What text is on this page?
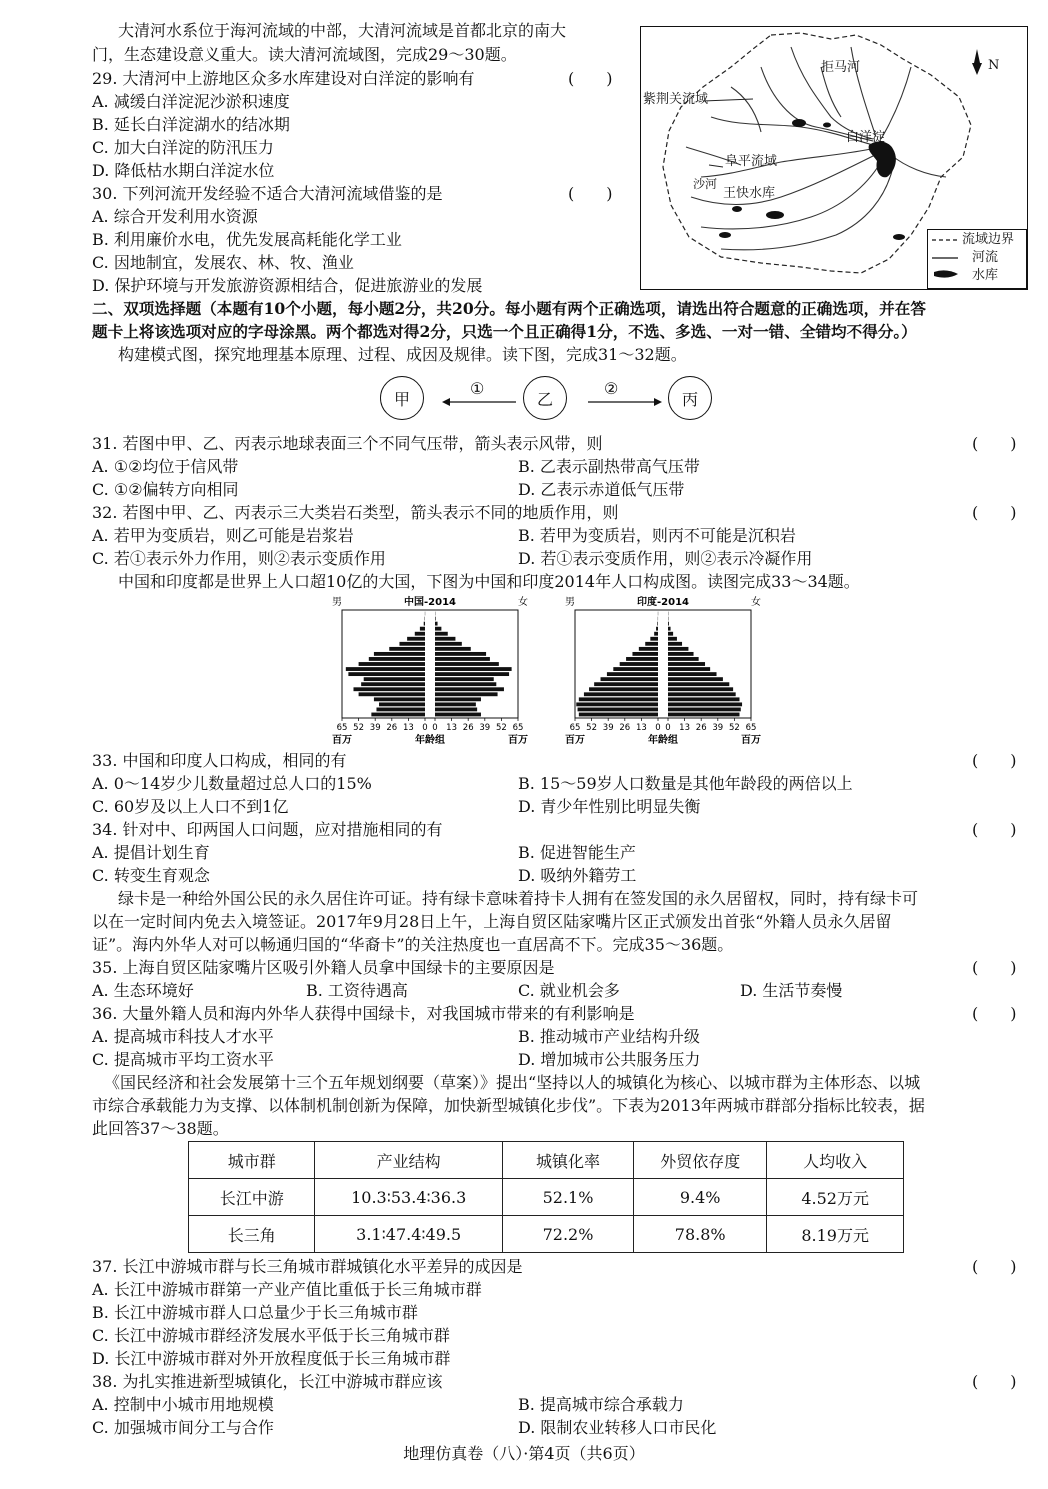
大清河水系位于海河流域的中部，大清河流域是首都北京的南大
门，生态建设意义重大。读大清河流域图，完成29～30题。
29. 大清河中上游地区众多水库建设对白洋淀的影响有	(　　)
A. 减缓白洋淀泥沙淤积速度
B. 延长白洋淀湖水的结冰期
C. 加大白洋淀的防汛压力
D. 降低枯水期白洋淀水位
30. 下列河流开发经验不适合大清河流域借鉴的是	(　　)
A. 综合开发利用水资源
B. 利用廉价水电，优先发展高耗能化学工业
C. 因地制宜，发展农、林、牧、渔业
D. 保护环境与开发旅游资源相结合，促进旅游业的发展
N
拒马河
紫荆关流域
白洋淀
阜平流域
沙河
王快水库
流域边界
河流
水库
二、双项选择题（本题有10个小题，每小题2分，共20分。每小题有两个正确选项，请选出符合题意的正确选项，并在答
题卡上将该选项对应的字母涂黑。两个都选对得2分，只选一个且正确得1分，不选、多选、一对一错、全错均不得分。）
构建模式图，探究地理基本原理、过程、成因及规律。读下图，完成31～32题。
甲	乙	丙
①	②
31. 若图中甲、乙、丙表示地球表面三个不同气压带，箭头表示风带，则	(　　)
A. ①②均位于信风带	B. 乙表示副热带高气压带
C. ①②偏转方向相同	D. 乙表示赤道低气压带
32. 若图中甲、乙、丙表示三大类岩石类型，箭头表示不同的地质作用，则	(　　)
A. 若甲为变质岩，则乙可能是岩浆岩	B. 若甲为变质岩，则丙不可能是沉积岩
C. 若①表示外力作用，则②表示变质作用	D. 若①表示变质作用，则②表示冷凝作用
中国和印度都是世界上人口超10亿的大国，下图为中国和印度2014年人口构成图。读图完成33～34题。
中国-2014
男	女
65 52 39 26 13 0 0 13 26 39 52 65
百万	年龄组	百万
印度-2014
男	女
65 52 39 26 13 0 0 13 26 39 52 65
百万	年龄组	百万
33. 中国和印度人口构成，相同的有	(　　)
A. 0～14岁少儿数量超过总人口的15%	B. 15～59岁人口数量是其他年龄段的两倍以上
C. 60岁及以上人口不到1亿	D. 青少年性别比明显失衡
34. 针对中、印两国人口问题，应对措施相同的有	(　　)
A. 提倡计划生育	B. 促进智能生产
C. 转变生育观念	D. 吸纳外籍劳工
绿卡是一种给外国公民的永久居住许可证。持有绿卡意味着持卡人拥有在签发国的永久居留权，同时，持有绿卡可
以在一定时间内免去入境签证。2017年9月28日上午，上海自贸区陆家嘴片区正式颁发出首张“外籍人员永久居留
证”。海内外华人对可以畅通归国的“华裔卡”的关注热度也一直居高不下。完成35～36题。
35. 上海自贸区陆家嘴片区吸引外籍人员拿中国绿卡的主要原因是	(　　)
A. 生态环境好	B. 工资待遇高	C. 就业机会多	D. 生活节奏慢
36. 大量外籍人员和海内外华人获得中国绿卡，对我国城市带来的有利影响是	(　　)
A. 提高城市科技人才水平	B. 推动城市产业结构升级
C. 提高城市平均工资水平	D. 增加城市公共服务压力
《国民经济和社会发展第十三个五年规划纲要（草案）》提出“坚持以人的城镇化为核心、以城市群为主体形态、以城
市综合承载能力为支撑、以体制机制创新为保障，加快新型城镇化步伐”。下表为2013年两城市群部分指标比较表，据
此回答37～38题。
城市群	产业结构	城镇化率	外贸依存度	人均收入
长江中游	10.3∶53.4∶36.3	52.1%	9.4%	4.52万元
长三角	3.1∶47.4∶49.5	72.2%	78.8%	8.19万元
37. 长江中游城市群与长三角城市群城镇化水平差异的成因是	(　　)
A. 长江中游城市群第一产业产值比重低于长三角城市群
B. 长江中游城市群人口总量少于长三角城市群
C. 长江中游城市群经济发展水平低于长三角城市群
D. 长江中游城市群对外开放程度低于长三角城市群
38. 为扎实推进新型城镇化，长江中游城市群应该	(　　)
A. 控制中小城市用地规模	B. 提高城市综合承载力
C. 加强城市间分工与合作	D. 限制农业转移人口市民化
地理仿真卷（八）·第4页（共6页）
